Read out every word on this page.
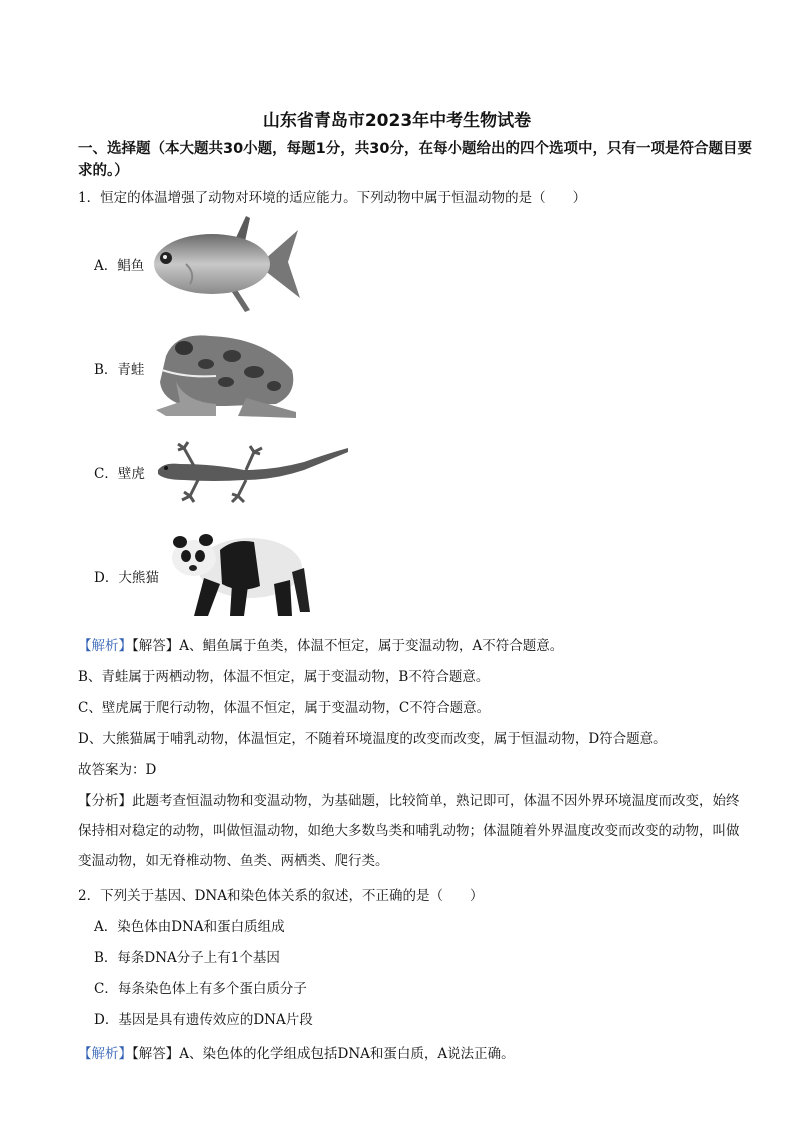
山东省青岛市2023年中考生物试卷
一、选择题（本大题共30小题，每题1分，共30分，在每小题给出的四个选项中，只有一项是符合题目要求的。）
1．恒定的体温增强了动物对环境的适应能力。下列动物中属于恒温动物的是（　　）
A．鲳鱼
B．青蛙
C．壁虎
D．大熊猫
【解析】【解答】A、鲳鱼属于鱼类，体温不恒定，属于变温动物，A不符合题意。
B、青蛙属于两栖动物，体温不恒定，属于变温动物，B不符合题意。
C、壁虎属于爬行动物，体温不恒定，属于变温动物，C不符合题意。
D、大熊猫属于哺乳动物，体温恒定，不随着环境温度的改变而改变，属于恒温动物，D符合题意。
故答案为：D
【分析】此题考查恒温动物和变温动物，为基础题，比较简单，熟记即可，体温不因外界环境温度而改变，始终保持相对稳定的动物，叫做恒温动物，如绝大多数鸟类和哺乳动物；体温随着外界温度改变而改变的动物，叫做变温动物，如无脊椎动物、鱼类、两栖类、爬行类。
2．下列关于基因、DNA和染色体关系的叙述，不正确的是（　　）
A．染色体由DNA和蛋白质组成
B．每条DNA分子上有1个基因
C．每条染色体上有多个蛋白质分子
D．基因是具有遗传效应的DNA片段
【解析】【解答】A、染色体的化学组成包括DNA和蛋白质，A说法正确。
